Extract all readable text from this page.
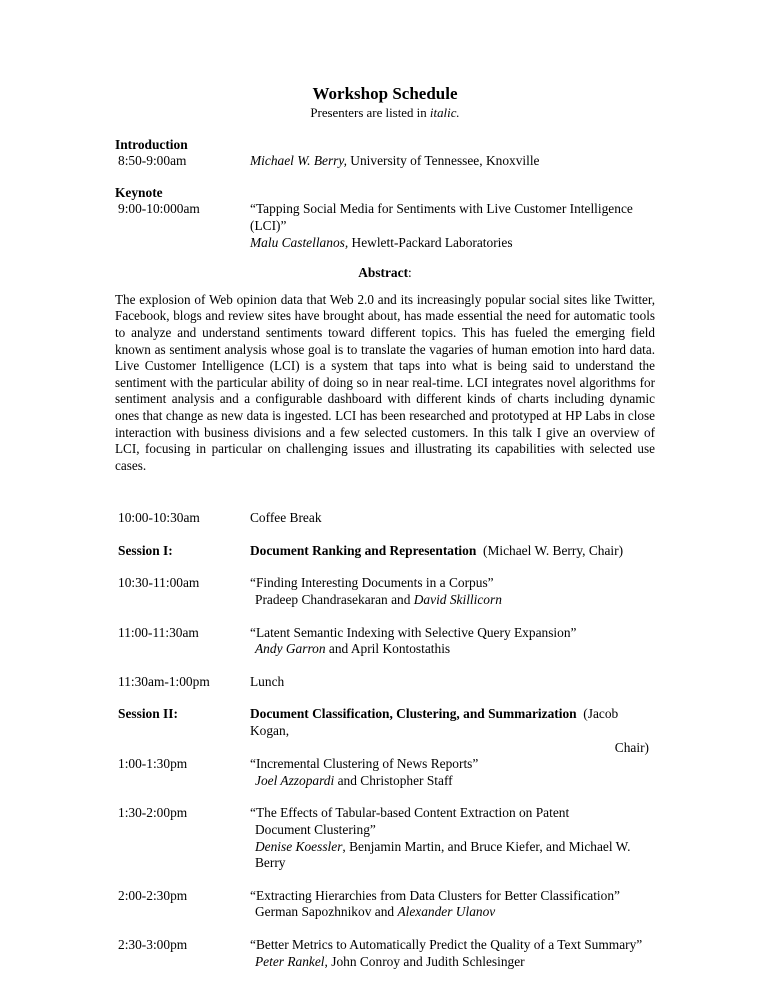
Workshop Schedule
Presenters are listed in italic.
Introduction
8:50-9:00am	Michael W. Berry, University of Tennessee, Knoxville
Keynote
9:00-10:000am	“Tapping Social Media for Sentiments with Live Customer Intelligence (LCI)”
Malu Castellanos, Hewlett-Packard Laboratories
Abstract:

The explosion of Web opinion data that Web 2.0 and its increasingly popular social sites like Twitter, Facebook, blogs and review sites have brought about, has made essential the need for automatic tools to analyze and understand sentiments toward different topics. This has fueled the emerging field known as sentiment analysis whose goal is to translate the vagaries of human emotion into hard data. Live Customer Intelligence (LCI) is a system that taps into what is being said to understand the sentiment with the particular ability of doing so in near real-time. LCI integrates novel algorithms for sentiment analysis and a configurable dashboard with different kinds of charts including dynamic ones that change as new data is ingested. LCI has been researched and prototyped at HP Labs in close interaction with business divisions and a few selected customers. In this talk I give an overview of LCI, focusing in particular on challenging issues and illustrating its capabilities with selected use cases.

10:00-10:30am	Coffee Break
Session I:	Document Ranking and Representation  (Michael W. Berry, Chair)
10:30-11:00am	“Finding Interesting Documents in a Corpus”
Pradeep Chandrasekaran and David Skillicorn
11:00-11:30am	“Latent Semantic Indexing with Selective Query Expansion”
Andy Garron and April Kontostathis
11:30am-1:00pm	Lunch
Session II:	Document Classification, Clustering, and Summarization  (Jacob Kogan,
Chair)
1:00-1:30pm	“Incremental Clustering of News Reports”
Joel Azzopardi and Christopher Staff
1:30-2:00pm	“The Effects of Tabular-based Content Extraction on Patent
Document Clustering”
Denise Koessler, Benjamin Martin, and Bruce Kiefer, and Michael W. Berry
2:00-2:30pm	“Extracting Hierarchies from Data Clusters for Better Classification”
German Sapozhnikov and Alexander Ulanov
2:30-3:00pm	“Better Metrics to Automatically Predict the Quality of a Text Summary”
Peter Rankel, John Conroy and Judith Schlesinger
